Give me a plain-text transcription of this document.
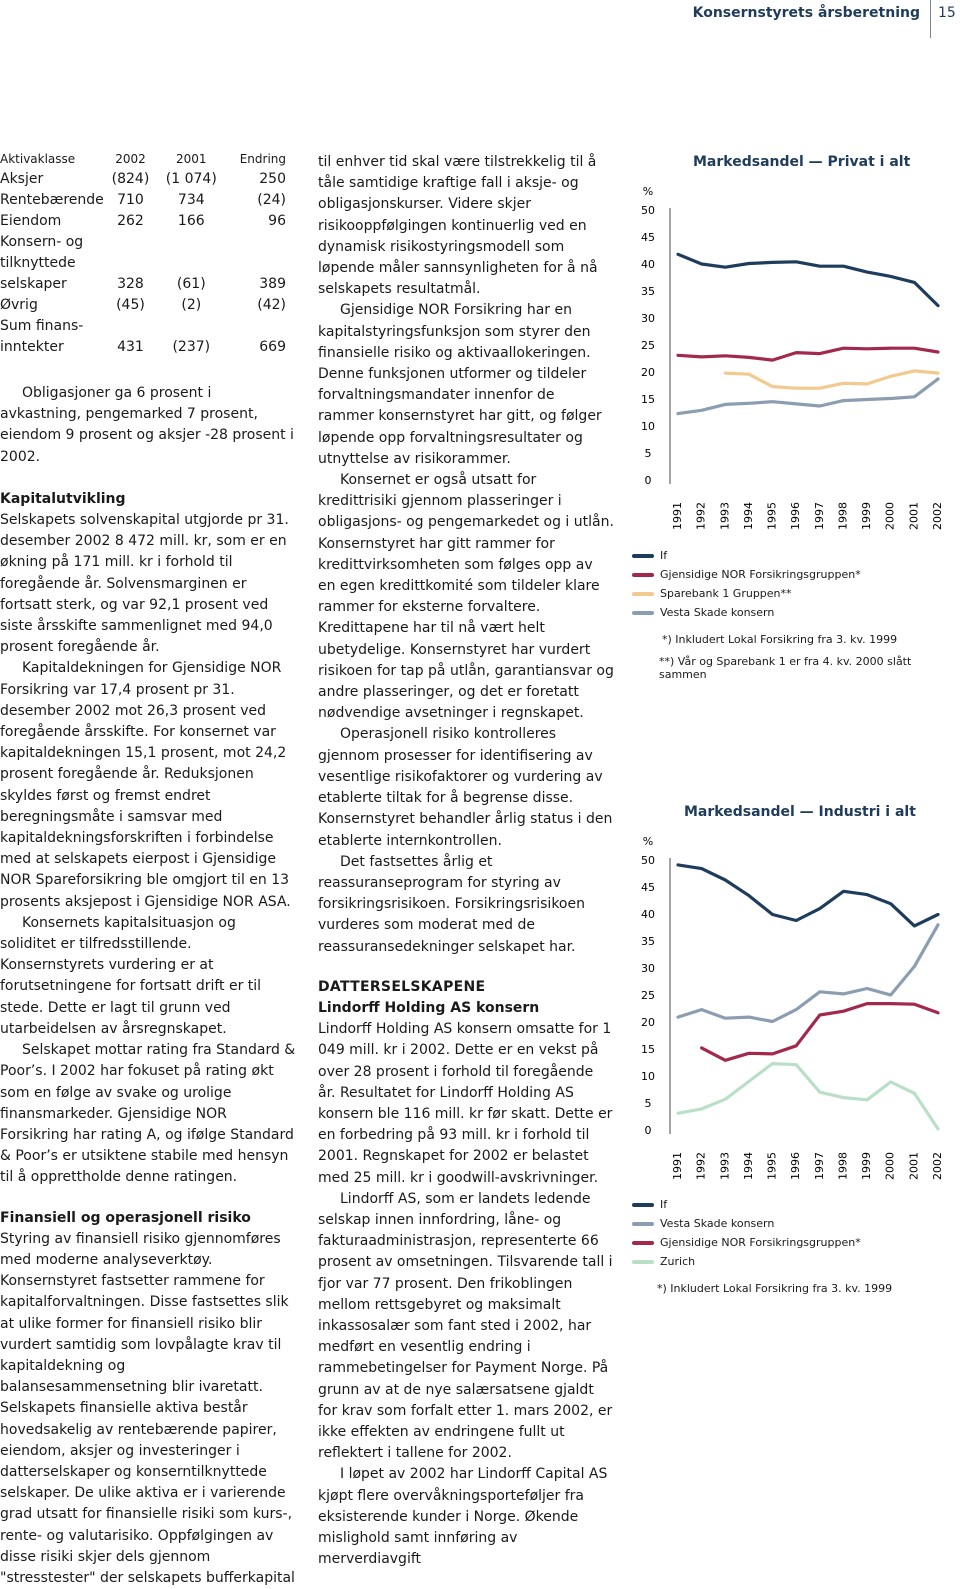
Konsernstyrets årsberetning 15
Aktivaklasse	2002	2001	Endring
Aksjer	(824)	(1 074)	250
Rentebærende	710	734	(24)
Eiendom	262	166	96
Konsern- og			
tilknyttede			
selskaper	328	(61)	389
Øvrig	(45)	(2)	(42)
Sum finans-			
inntekter	431	(237)	669

Obligasjoner ga 6 prosent i avkastning, pengemarked 7 prosent, eiendom 9 prosent og aksjer -28 prosent i 2002.

Kapitalutvikling

Selskapets solvenskapital utgjorde pr 31. desember 2002 8 472 mill. kr, som er en økning på 171 mill. kr i forhold til foregående år. Solvensmarginen er fortsatt sterk, og var 92,1 prosent ved siste årsskifte sammenlignet med 94,0 prosent foregående år.

Kapitaldekningen for Gjensidige NOR Forsikring var 17,4 prosent pr 31. desember 2002 mot 26,3 prosent ved foregående årsskifte. For konsernet var kapitaldekningen 15,1 prosent, mot 24,2 prosent foregående år. Reduksjonen skyldes først og fremst endret beregningsmåte i samsvar med kapitaldekningsforskriften i forbindelse med at selskapets eierpost i Gjensidige NOR Spareforsikring ble omgjort til en 13 prosents aksjepost i Gjensidige NOR ASA.

Konsernets kapitalsituasjon og soliditet er tilfredsstillende. Konsernstyrets vurdering er at forutsetningene for fortsatt drift er til stede. Dette er lagt til grunn ved utarbeidelsen av årsregnskapet.

Selskapet mottar rating fra Standard & Poor’s. I 2002 har fokuset på rating økt som en følge av svake og urolige finansmarkeder. Gjensidige NOR Forsikring har rating A, og ifølge Standard & Poor’s er utsiktene stabile med hensyn til å opprettholde denne ratingen.

Finansiell og operasjonell risiko

Styring av finansiell risiko gjennomføres med moderne analyseverktøy. Konsernstyret fastsetter rammene for kapitalforvaltningen. Disse fastsettes slik at ulike former for finansiell risiko blir vurdert samtidig som lovpålagte krav til kapitaldekning og balansesammensetning blir ivaretatt. Selskapets finansielle aktiva består hovedsakelig av rentebærende papirer, eiendom, aksjer og investeringer i datterselskaper og konserntilknyttede selskaper. De ulike aktiva er i varierende grad utsatt for finansielle risiki som kurs-, rente- og valutarisiko. Oppfølgingen av disse risiki skjer dels gjennom "stresstester" der selskapets bufferkapital

til enhver tid skal være tilstrekkelig til å tåle samtidige kraftige fall i aksje- og obligasjonskurser. Videre skjer risikooppfølgingen kontinuerlig ved en dynamisk risikostyringsmodell som løpende måler sannsynligheten for å nå selskapets resultatmål.

Gjensidige NOR Forsikring har en kapitalstyringsfunksjon som styrer den finansielle risiko og aktivaallokeringen. Denne funksjonen utformer og tildeler forvaltningsmandater innenfor de rammer konsernstyret har gitt, og følger løpende opp forvaltningsresultater og utnyttelse av risikorammer.

Konsernet er også utsatt for kredittrisiki gjennom plasseringer i obligasjons- og pengemarkedet og i utlån. Konsernstyret har gitt rammer for kredittvirksomheten som følges opp av en egen kredittkomité som tildeler klare rammer for eksterne forvaltere. Kredittapene har til nå vært helt ubetydelige. Konsernstyret har vurdert risikoen for tap på utlån, garantiansvar og andre plasseringer, og det er foretatt nødvendige avsetninger i regnskapet.

Operasjonell risiko kontrolleres gjennom prosesser for identifisering av vesentlige risikofaktorer og vurdering av etablerte tiltak for å begrense disse. Konsernstyret behandler årlig status i den etablerte internkontrollen.

Det fastsettes årlig et reassuranseprogram for styring av forsikringsrisikoen. Forsikringsrisikoen vurderes som moderat med de reassuransedekninger selskapet har.

DATTERSELSKAPENE

Lindorff Holding AS konsern

Lindorff Holding AS konsern omsatte for 1 049 mill. kr i 2002. Dette er en vekst på over 28 prosent i forhold til foregående år. Resultatet for Lindorff Holding AS konsern ble 116 mill. kr før skatt. Dette er en forbedring på 93 mill. kr i forhold til 2001. Regnskapet for 2002 er belastet med 25 mill. kr i goodwill-avskrivninger.

Lindorff AS, som er landets ledende selskap innen innfordring, låne- og fakturaadministrasjon, representerte 66 prosent av omsetningen. Tilsvarende tall i fjor var 77 prosent. Den frikoblingen mellom rettsgebyret og maksimalt inkassosalær som fant sted i 2002, har medført en vesentlig endring i rammebetingelser for Payment Norge. På grunn av at de nye salærsatsene gjaldt for krav som forfalt etter 1. mars 2002, er ikke effekten av endringene fullt ut reflektert i tallene for 2002.

I løpet av 2002 har Lindorff Capital AS kjøpt flere overvåkningsporteføljer fra eksisterende kunder i Norge. Økende mislighold samt innføring av merverdiavgift

Markedsandel — Privat i alt
%
0
5
10
15
20
25
30
35
40
45
50
1991 1992 1993 1994 1995 1996 1997 1998 1999 2000 2001 2002
If
Gjensidige NOR Forsikringsgruppen*
Sparebank 1 Gruppen**
Vesta Skade konsern
*) Inkludert Lokal Forsikring fra 3. kv. 1999
**) Vår og Sparebank 1 er fra 4. kv. 2000 slått sammen
Markedsandel — Industri i alt
%
0
5
10
15
20
25
30
35
40
45
50
1991 1992 1993 1994 1995 1996 1997 1998 1999 2000 2001 2002
If
Vesta Skade konsern
Gjensidige NOR Forsikringsgruppen*
Zurich
*) Inkludert Lokal Forsikring fra 3. kv. 1999
